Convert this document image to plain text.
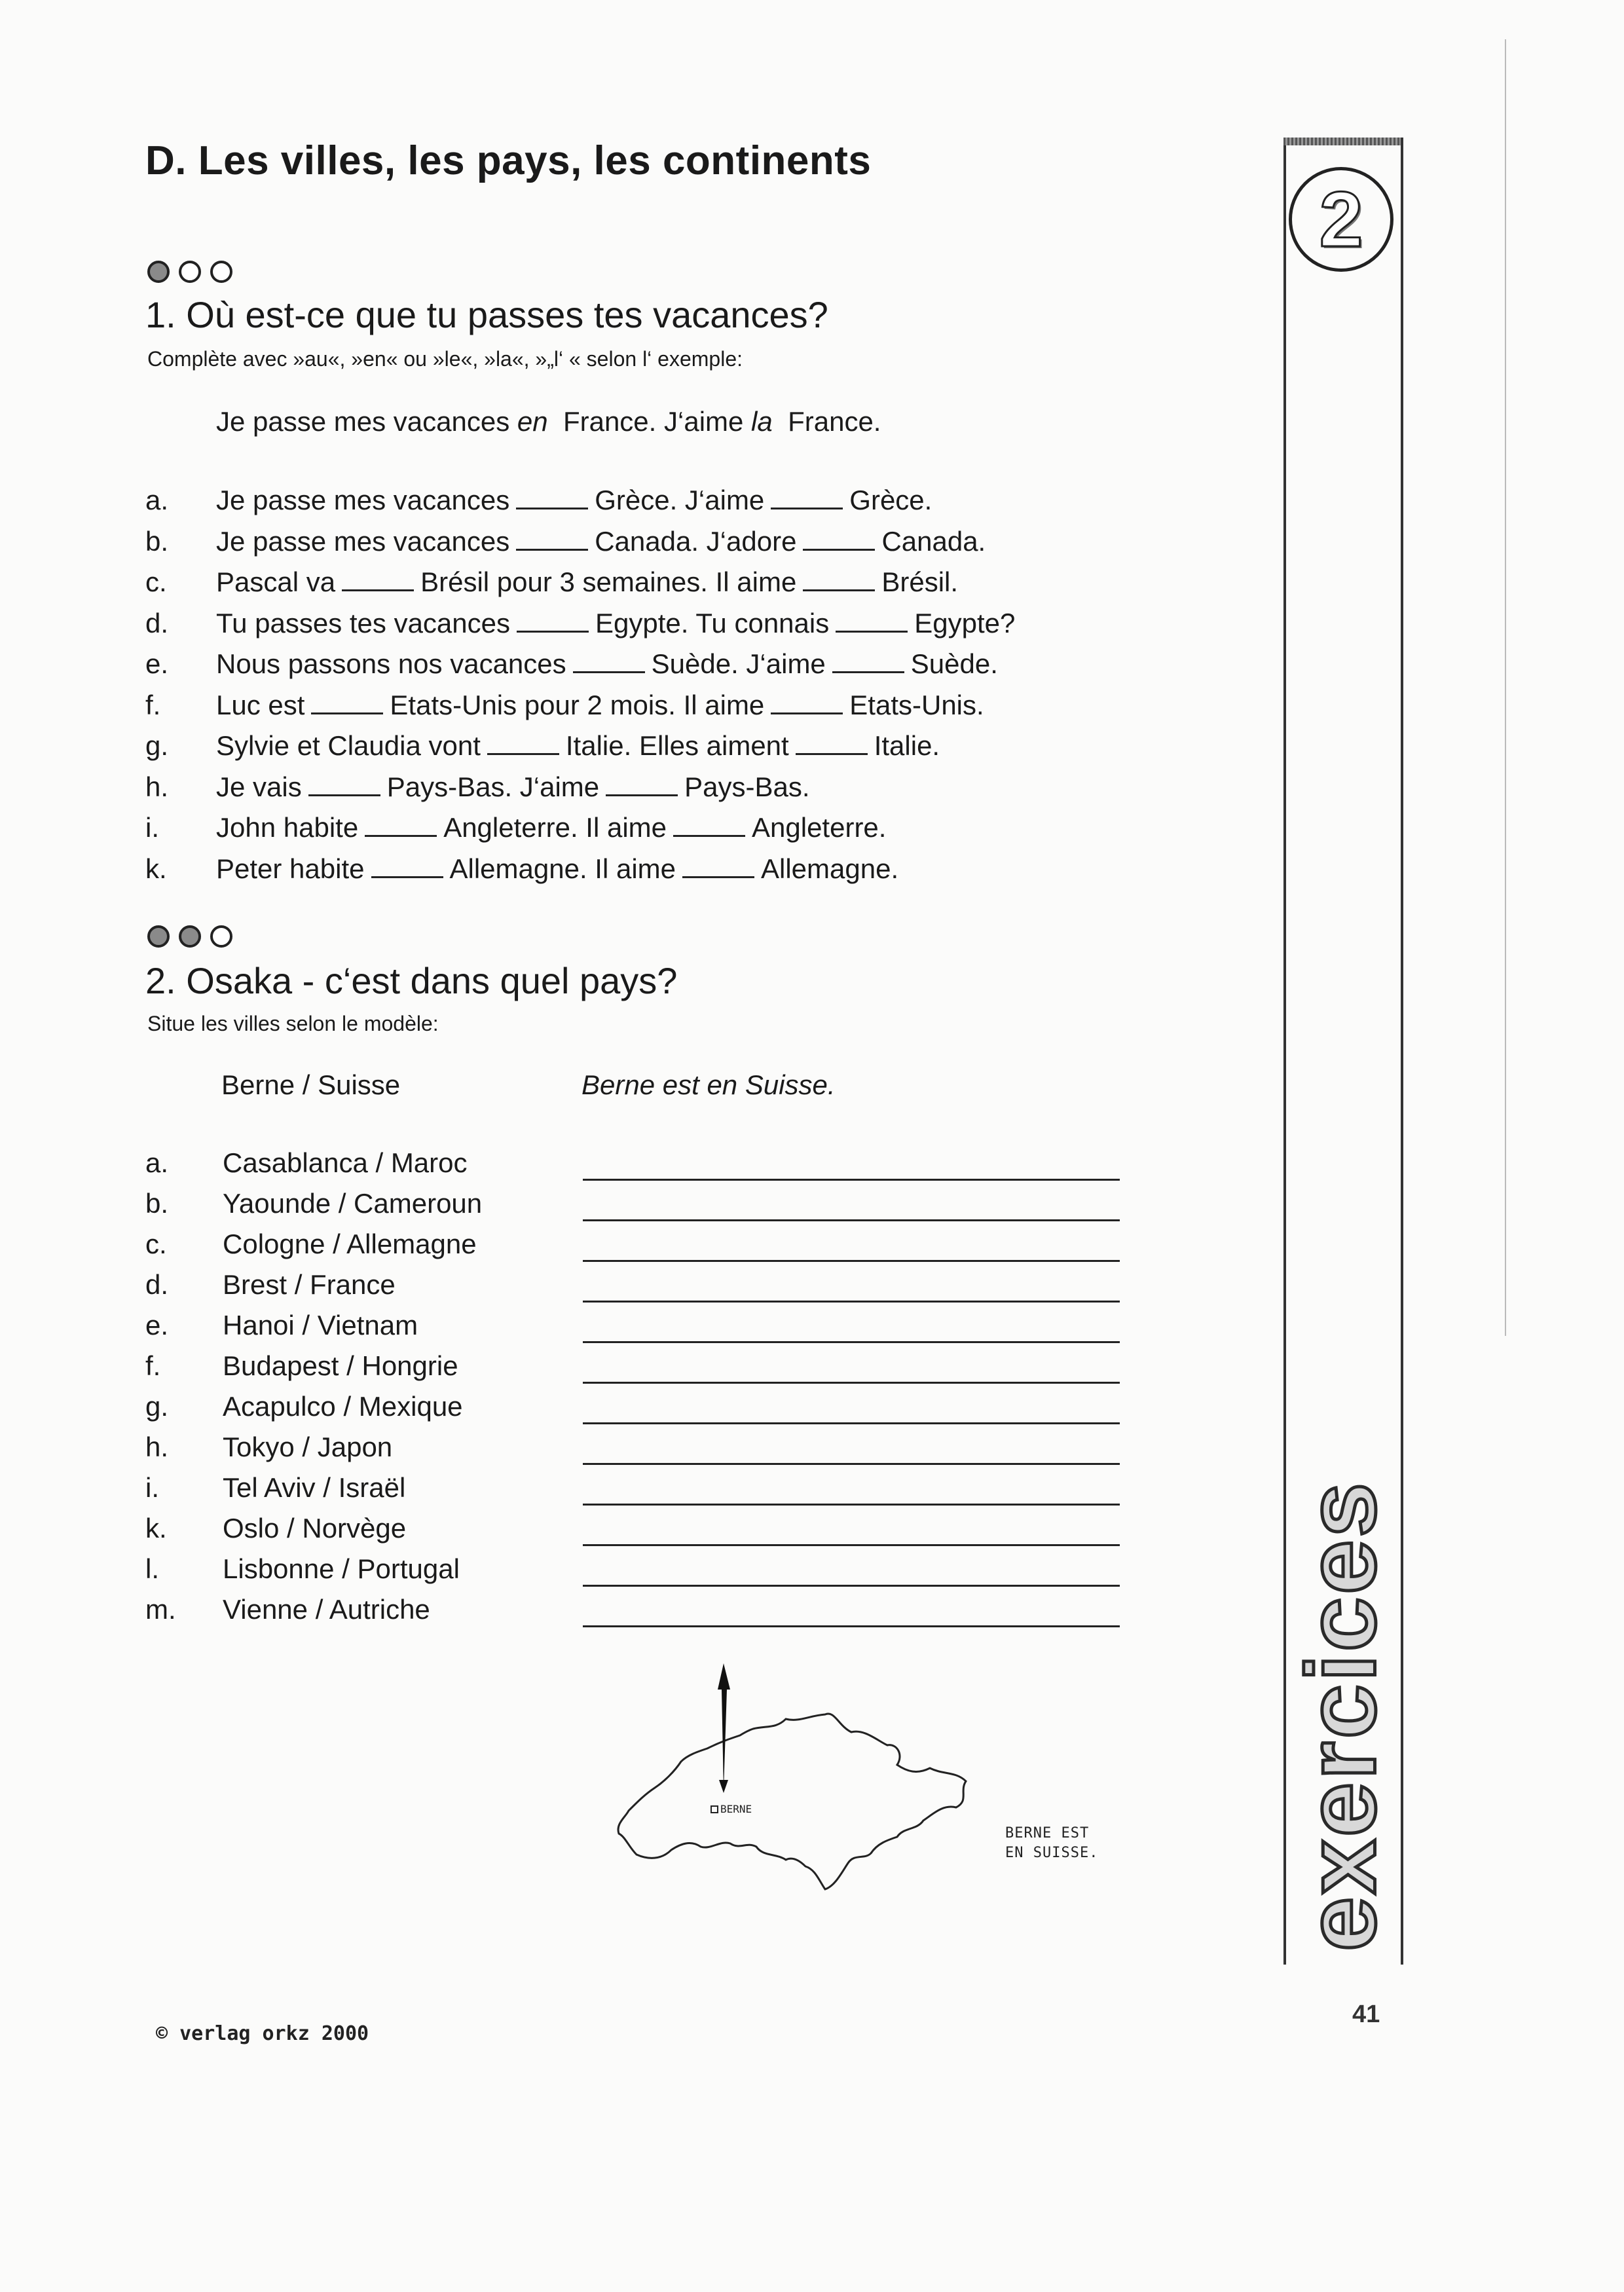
D. Les villes, les pays, les continents
1. Où est-ce que tu passes tes vacances?
Complète avec »au«, »en« ou »le«, »la«, »„l‘ « selon l‘ exemple:
Je passe mes vacances en France. J‘aime la France.
a.	Je passe mes vacances	Grèce. J‘aime	Grèce.
b.	Je passe mes vacances	Canada. J‘adore	Canada.
c.	Pascal va	Brésil pour 3 semaines. Il aime	Brésil.
d.	Tu passes tes vacances	Egypte. Tu connais	Egypte?
e.	Nous passons nos vacances	Suède. J‘aime	Suède.
f.	Luc est	Etats-Unis pour 2 mois. Il aime	Etats-Unis.
g.	Sylvie et Claudia vont	Italie. Elles aiment	Italie.
h.	Je vais	Pays-Bas. J‘aime	Pays-Bas.
i.	John habite	Angleterre. Il aime	Angleterre.
k.	Peter habite	Allemagne. Il aime	Allemagne.
2. Osaka - c‘est dans quel pays?
Situe les villes selon le modèle:
Berne / Suisse	Berne est en Suisse.
a.	Casablanca / Maroc
b.	Yaounde / Cameroun
c.	Cologne / Allemagne
d.	Brest / France
e.	Hanoi / Vietnam
f.	Budapest / Hongrie
g.	Acapulco / Mexique
h.	Tokyo / Japon
i.	Tel Aviv / Israël
k.	Oslo / Norvège
l.	Lisbonne / Portugal
m.	Vienne / Autriche
BERNE
BERNE EST
EN SUISSE.
2
exercices
41
© verlag orkz 2000
